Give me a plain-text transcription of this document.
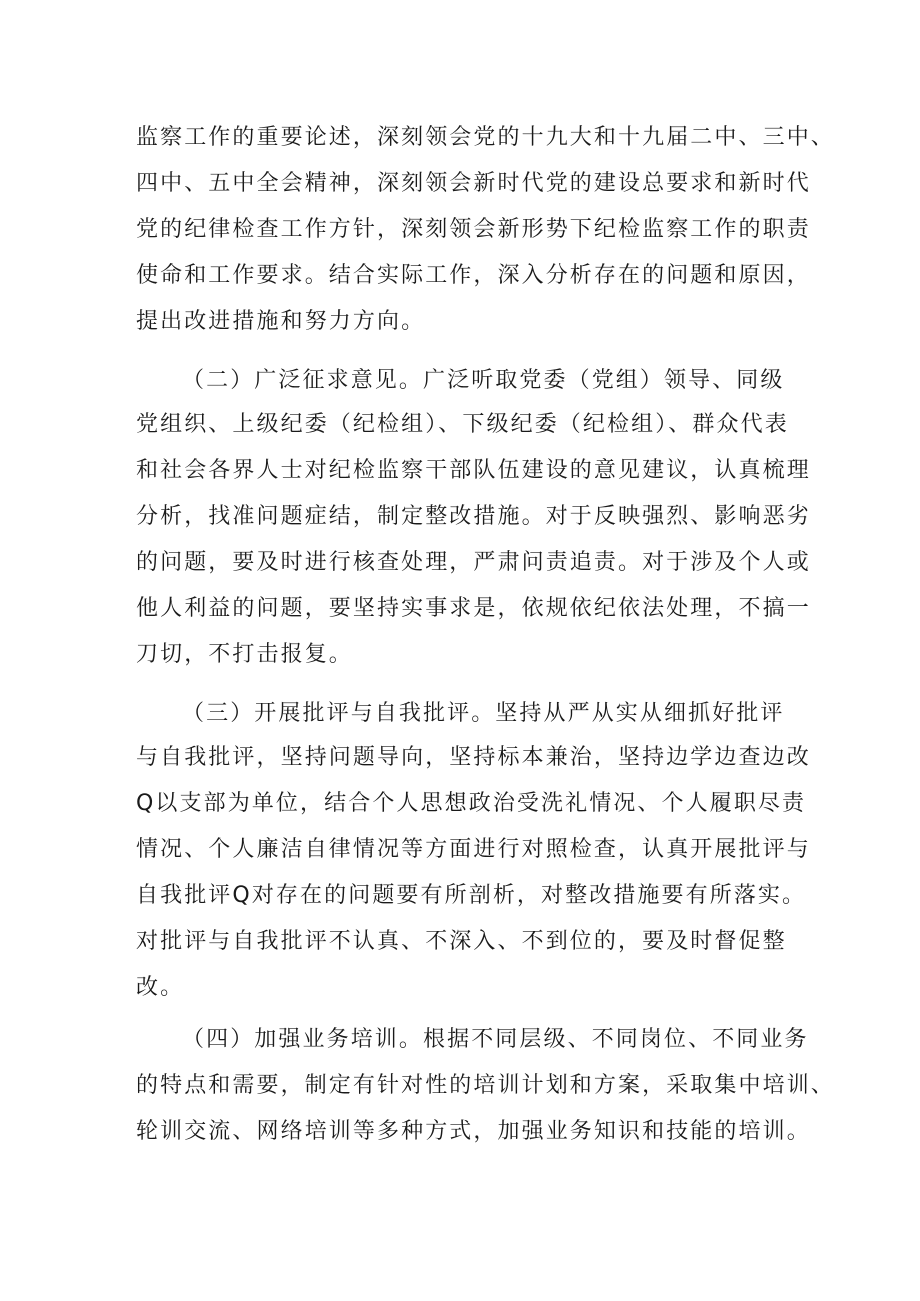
监察工作的重要论述，深刻领会党的十九大和十九届二中、三中、
四中、五中全会精神，深刻领会新时代党的建设总要求和新时代
党的纪律检查工作方针，深刻领会新形势下纪检监察工作的职责
使命和工作要求。结合实际工作，深入分析存在的问题和原因，
提出改进措施和努力方向。
（二）广泛征求意见。广泛听取党委（党组）领导、同级
党组织、上级纪委（纪检组）、下级纪委（纪检组）、群众代表
和社会各界人士对纪检监察干部队伍建设的意见建议，认真梳理
分析，找准问题症结，制定整改措施。对于反映强烈、影响恶劣
的问题，要及时进行核查处理，严肃问责追责。对于涉及个人或
他人利益的问题，要坚持实事求是，依规依纪依法处理，不搞一
刀切，不打击报复。
（三）开展批评与自我批评。坚持从严从实从细抓好批评
与自我批评，坚持问题导向，坚持标本兼治，坚持边学边查边改
Q以支部为单位，结合个人思想政治受洗礼情况、个人履职尽责
情况、个人廉洁自律情况等方面进行对照检查，认真开展批评与
自我批评Q对存在的问题要有所剖析，对整改措施要有所落实。
对批评与自我批评不认真、不深入、不到位的，要及时督促整
改。
（四）加强业务培训。根据不同层级、不同岗位、不同业务
的特点和需要，制定有针对性的培训计划和方案，采取集中培训、
轮训交流、网络培训等多种方式，加强业务知识和技能的培训。
